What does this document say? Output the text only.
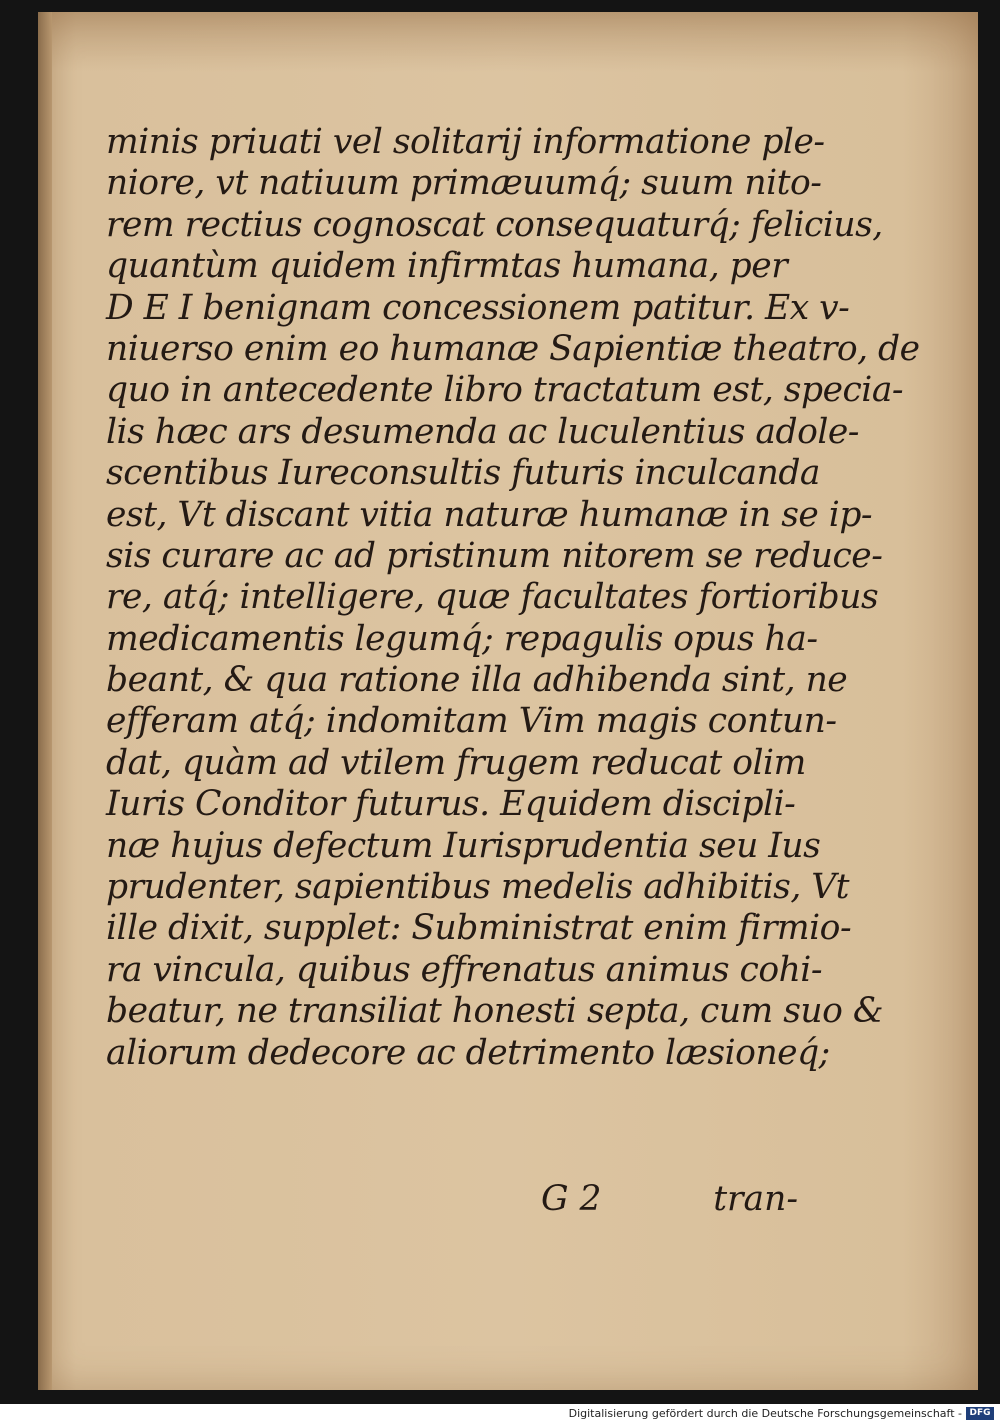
minis priuati vel solitarij informatione ple-
niore, vt natiuum primæuumq́; suum nito-
rem rectius cognoscat consequaturq́; felicius,
quantùm quidem infirmtas humana, per
D E I benignam concessionem patitur. Ex v-
niuerso enim eo humanæ Sapientiæ theatro, de
quo in antecedente libro tractatum est, specia-
lis hæc ars desumenda ac luculentius adole-
scentibus Iureconsultis futuris inculcanda
est, Vt discant vitia naturæ humanæ in se ip-
sis curare ac ad pristinum nitorem se reduce-
re, atq́; intelligere, quæ facultates fortioribus
medicamentis legumq́; repagulis opus ha-
beant, & qua ratione illa adhibenda sint, ne
efferam atq́; indomitam Vim magis contun-
dat, quàm ad vtilem frugem reducat olim
Iuris Conditor futurus. Equidem discipli-
næ hujus defectum Iurisprudentia seu Ius
prudenter, sapientibus medelis adhibitis, Vt
ille dixit, supplet: Subministrat enim firmio-
ra vincula, quibus effrenatus animus cohi-
beatur, ne transiliat honesti septa, cum suo &
aliorum dedecore ac detrimento læsioneq́;
G 2	tran-
Digitalisierung gefördert durch die Deutsche Forschungsgemeinschaft - DFG
